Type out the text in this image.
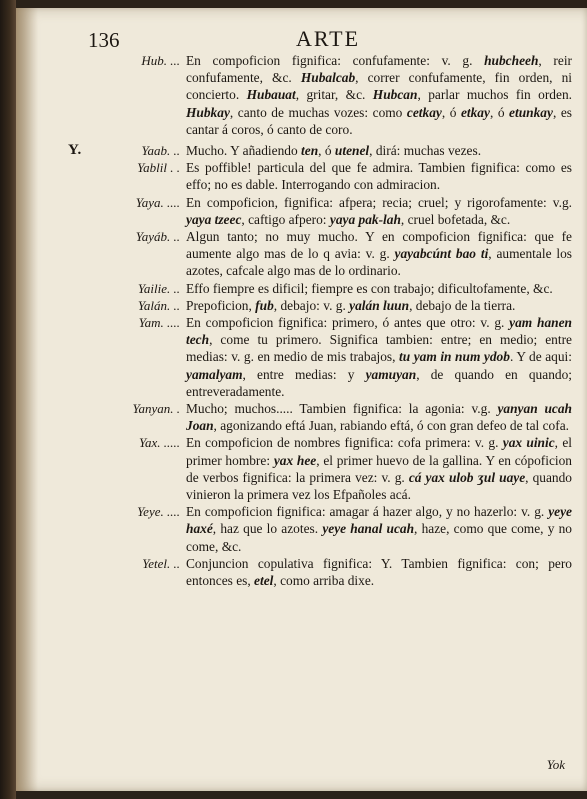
136	ARTE
Hub. ... En compoficion fignifica: confufamente: v. g. hubcheeh, reir confufamente, &c. Hubalcab, correr confufamente, fin orden, ni concierto. Hubauat, gritar, &c. Hubcan, parlar muchos fin orden. Hubkay, canto de muchas vozes: como cetkay, ó etkay, ó etunkay, es cantar á coros, ó canto de coro.

Y.	Yaab. .. Mucho. Y añadiendo ten, ó utenel, dirá: muchas vezes.

Yablil . . Es poffible! particula del que fe admira. Tambien fignifica: como es effo; no es dable. Interrogando con admiracion.

Yaya. .... En compoficion, fignifica: afpera; recia; cruel; y rigorofamente: v.g. yaya tzeec, caftigo afpero: yaya pak-lah, cruel bofetada, &c.

Yayáb. .. Algun tanto; no muy mucho. Y en compoficion fignifica: que fe aumente algo mas de lo q avia: v. g. yayabcúnt bao ti, aumentale los azotes, cafcale algo mas de lo ordinario.

Yailie. .. Effo fiempre es dificil; fiempre es con trabajo; dificultofamente, &c.

Yalán. .. Prepoficion, fub, debajo: v. g. yalán luun, debajo de la tierra.

Yam. .... En compoficion fignifica: primero, ó antes que otro: v. g. yam hanen tech, come tu primero. Significa tambien: entre; en medio; entre medias: v. g. en medio de mis trabajos, tu yam in num ydob. Y de aqui: yamalyam, entre medias: y yamuyan, de quando en quando; entreveradamente.

Yanyan. . Mucho; muchos..... Tambien fignifica: la agonia: v.g. yanyan ucah Joan, agonizando eftá Juan, rabiando eftá, ó con gran defeo de tal cofa.

Yax. ..... En compoficion de nombres fignifica: cofa primera: v. g. yax uinic, el primer hombre: yax hee, el primer huevo de la gallina. Y en cópoficion de verbos fignifica: la primera vez: v. g. cá yax ulob ʒul uaye, quando vinieron la primera vez los Efpañoles acá.

Yeye. .... En compoficion fignifica: amagar á hazer algo, y no hazerlo: v. g. yeye haxé, haz que lo azotes. yeye hanal ucah, haze, como que come, y no come, &c.

Yetel. .. Conjuncion copulativa fignifica: Y. Tambien fignifica: con; pero entonces es, etel, como arriba dixe.

Yok
